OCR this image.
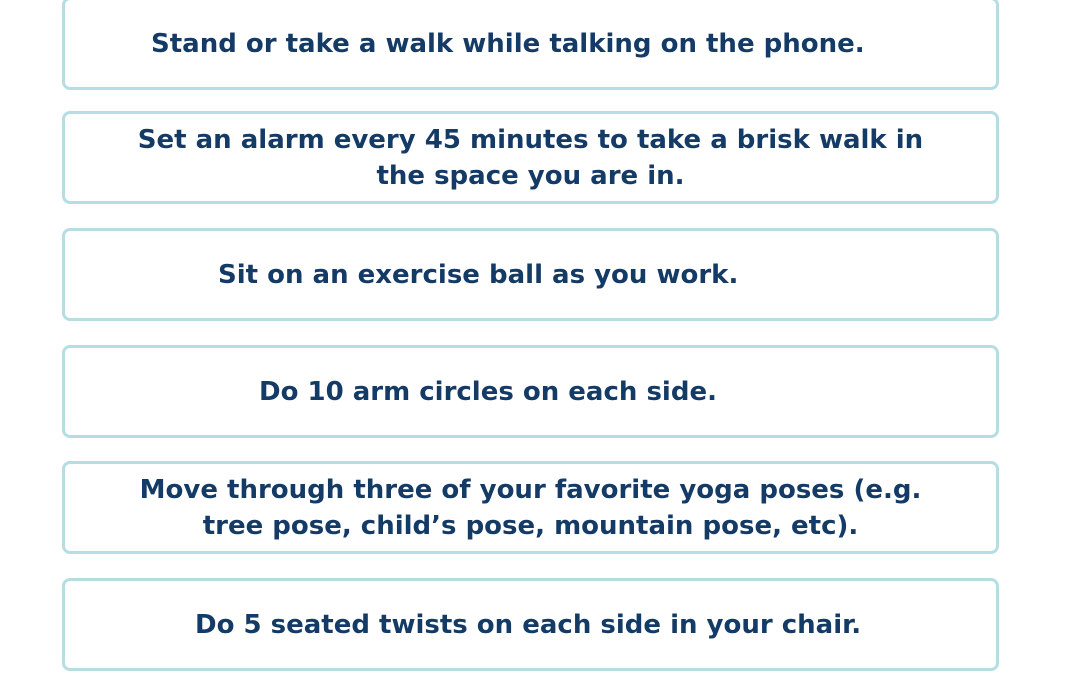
Stand or take a walk while talking on the phone.
Set an alarm every 45 minutes to take a brisk walk in
the space you are in.
Sit on an exercise ball as you work.
Do 10 arm circles on each side.
Move through three of your favorite yoga poses (e.g.
tree pose, child’s pose, mountain pose, etc).
Do 5 seated twists on each side in your chair.
